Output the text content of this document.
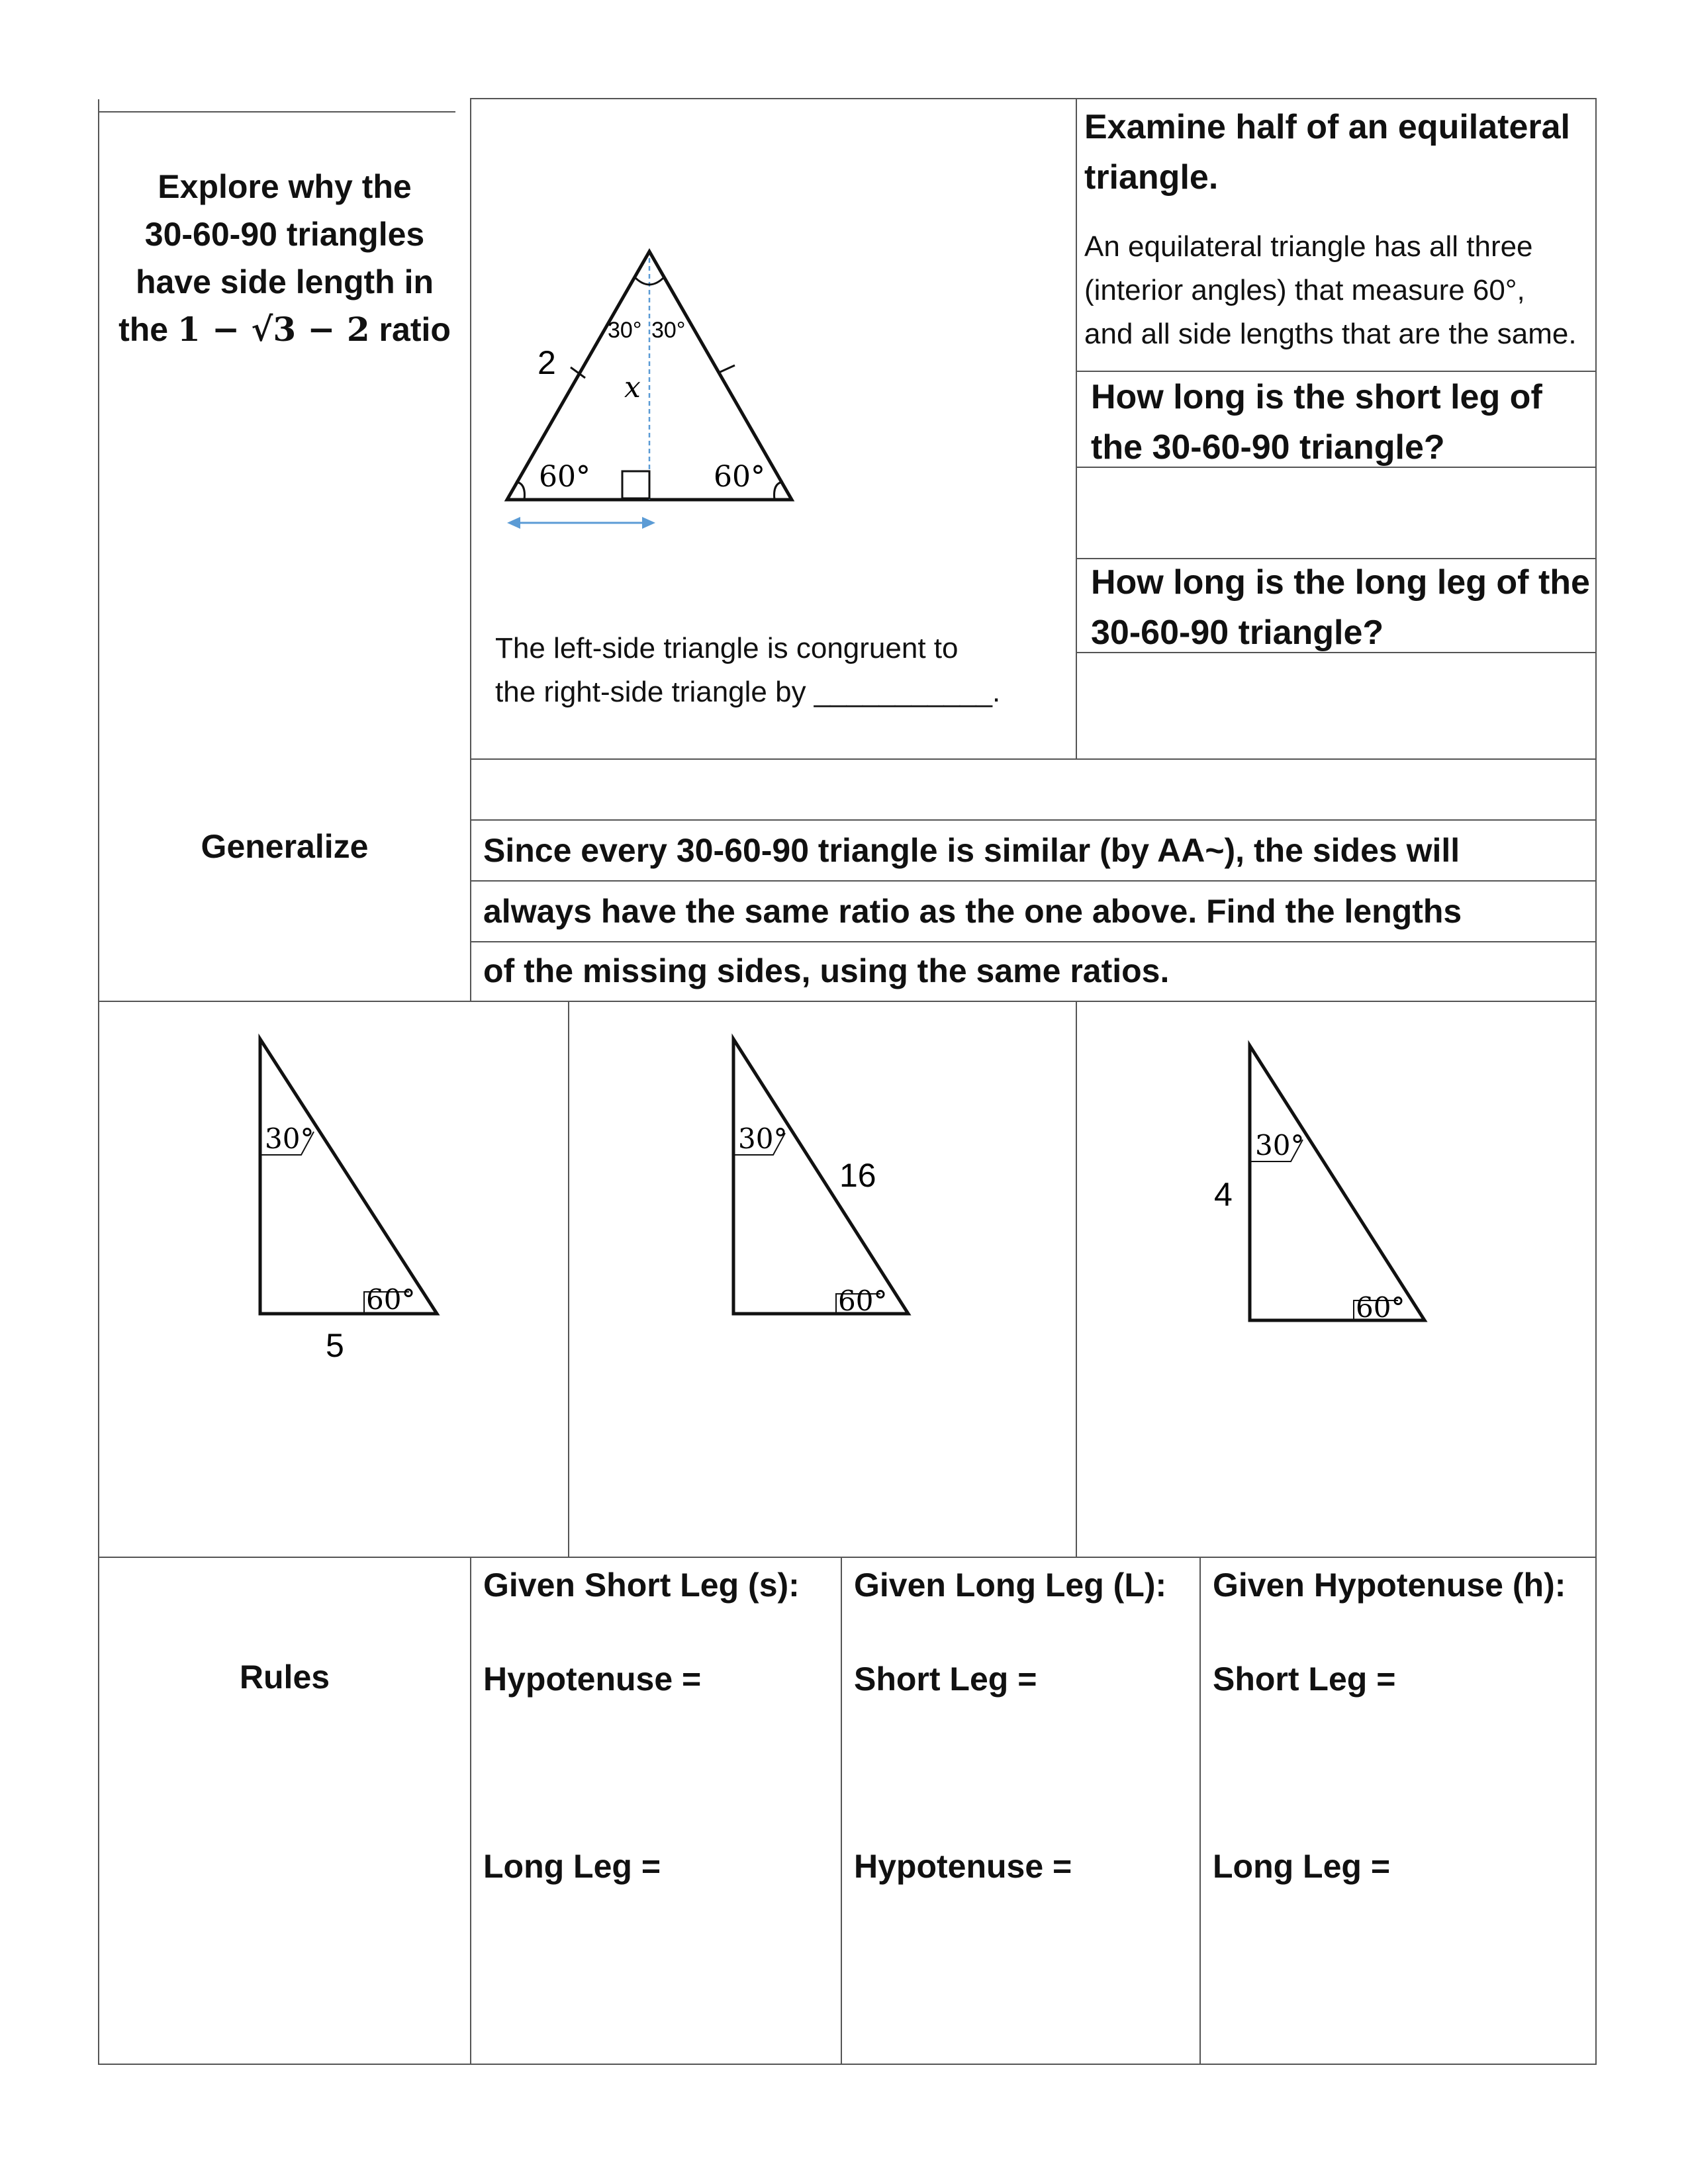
Explore why the
30-60-90 triangles
have side length in
the 1 − √3 − 2 ratio
2
x
30° 30°
60°	60°
The left-side triangle is congruent to
the right-side triangle by ___________.
Examine half of an equilateral
triangle.
An equilateral triangle has all three
(interior angles) that measure 60°,
and all side lengths that are the same.
How long is the short leg of
the 30-60-90 triangle?
How long is the long leg of the
30-60-90 triangle?
Generalize	Since every 30-60-90 triangle is similar (by AA~), the sides will
always have the same ratio as the one above. Find the lengths
of the missing sides, using the same ratios.
30°
60°
5
30°
60°
16
30°
60°
4
Rules
Given Short Leg (s):
Hypotenuse =
Long Leg =
Given Long Leg (L):
Short Leg =
Hypotenuse =
Given Hypotenuse (h):
Short Leg =
Long Leg =
